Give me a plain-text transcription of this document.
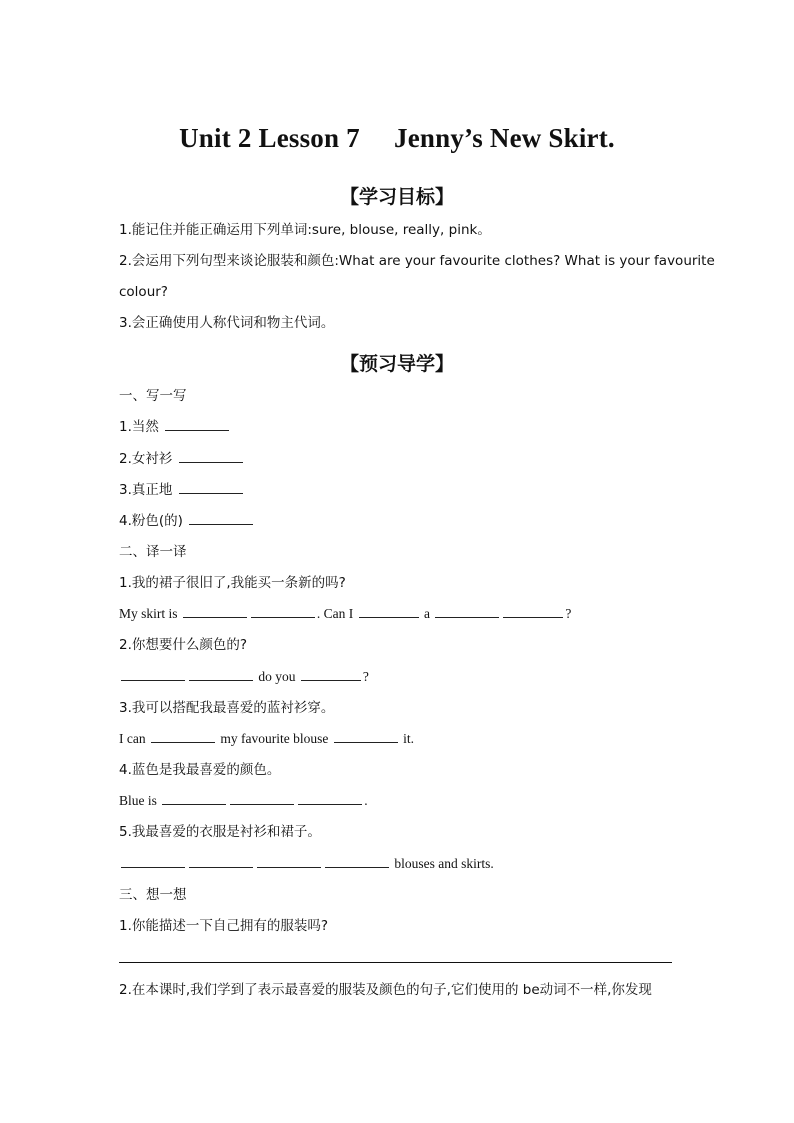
Unit 2 Lesson 7　 Jenny’s New Skirt.
【学习目标】
1.能记住并能正确运用下列单词:sure, blouse, really, pink。
2.会运用下列句型来谈论服装和颜色:What are your favourite clothes? What is your favourite
colour?
3.会正确使用人称代词和物主代词。
【预习导学】
一、写一写
1.当然
2.女衬衫
3.真正地
4.粉色(的)
二、译一译
1.我的裙子很旧了,我能买一条新的吗?
My skirt is	. Can I	a	?
2.你想要什么颜色的?
do you	?
3.我可以搭配我最喜爱的蓝衬衫穿。
I can	my favourite blouse	it.
4.蓝色是我最喜爱的颜色。
Blue is	.
5.我最喜爱的衣服是衬衫和裙子。
blouses and skirts.
三、想一想
1.你能描述一下自己拥有的服装吗?
2.在本课时,我们学到了表示最喜爱的服装及颜色的句子,它们使用的 be动词不一样,你发现
